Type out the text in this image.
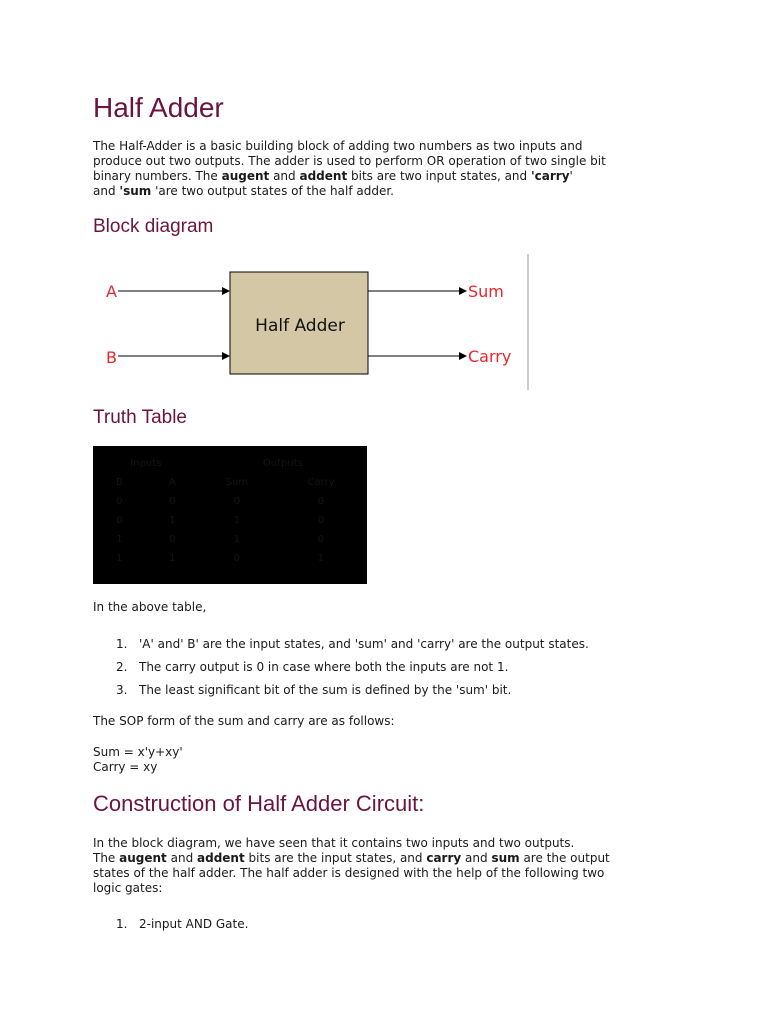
Half Adder

The Half-Adder is a basic building block of adding two numbers as two inputs and

produce out two outputs. The adder is used to perform OR operation of two single bit

binary numbers. The augent and addent bits are two input states, and 'carry'

and 'sum 'are two output states of the half adder.

Block diagram
Half Adder
A
B
Sum
Carry
Truth Table
Inputs		Outputs	
B	A	Sum	Carry
0	0	0	0
0	1	1	0
1	0	1	0
1	1	0	1

In the above table,

1. 'A' and' B' are the input states, and 'sum' and 'carry' are the output states.
2. The carry output is 0 in case where both the inputs are not 1.
3. The least significant bit of the sum is defined by the 'sum' bit.

The SOP form of the sum and carry are as follows:

Sum = x'y+xy'

Carry = xy

Construction of Half Adder Circuit:

In the block diagram, we have seen that it contains two inputs and two outputs.

The augent and addent bits are the input states, and carry and sum are the output

states of the half adder. The half adder is designed with the help of the following two

logic gates:

1. 2-input AND Gate.
